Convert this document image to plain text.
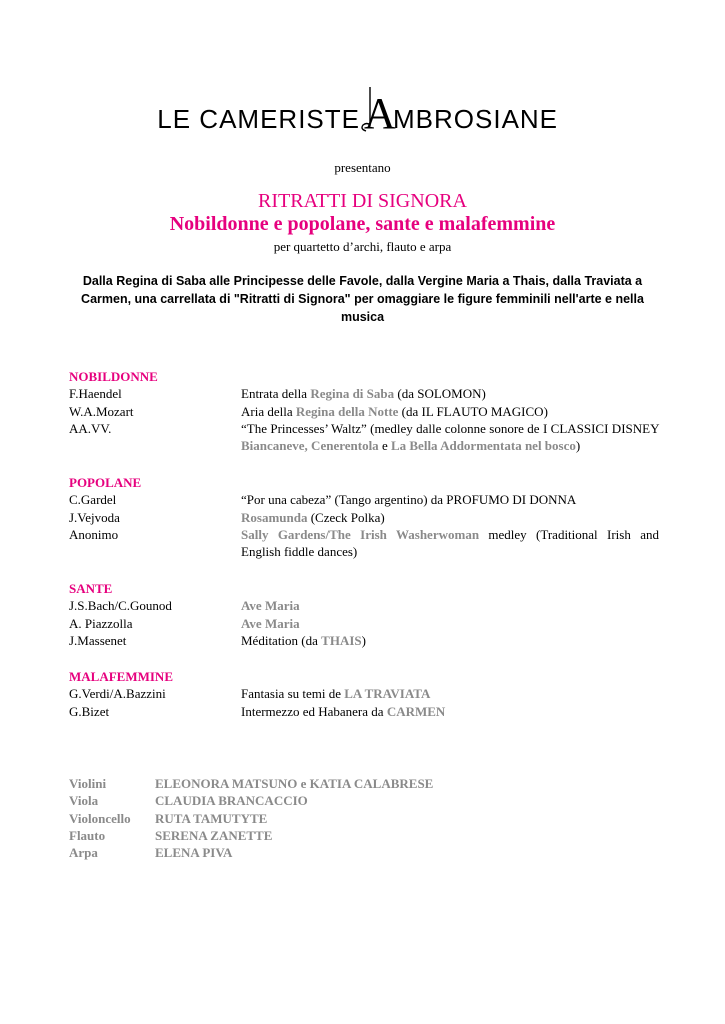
LE CAMERISTE A
MBROSIANE
presentano
RITRATTI DI SIGNORA
Nobildonne e popolane, sante e malafemmine
per quartetto d’archi, flauto e arpa
Dalla Regina di Saba alle Principesse delle Favole, dalla Vergine Maria a Thais, dalla Traviata a Carmen, una carrellata di "Ritratti di Signora" per omaggiare le figure femminili nell'arte e nella musica
NOBILDONNE
F.Haendel	Entrata della Regina di Saba (da SOLOMON)
W.A.Mozart	Aria della Regina della Notte (da IL FLAUTO MAGICO)
AA.VV.	“The Princesses’ Waltz” (medley dalle colonne sonore de I CLASSICI DISNEY Biancaneve, Cenerentola e La Bella Addormentata nel bosco)
POPOLANE
C.Gardel	“Por una cabeza” (Tango argentino) da PROFUMO DI DONNA
J.Vejvoda	Rosamunda (Czeck Polka)
Anonimo	Sally Gardens/The Irish Washerwoman medley (Traditional Irish and English fiddle dances)
SANTE
J.S.Bach/C.Gounod	Ave Maria
A. Piazzolla	Ave Maria
J.Massenet	Méditation (da THAIS)
MALAFEMMINE
G.Verdi/A.Bazzini	Fantasia su temi de LA TRAVIATA
G.Bizet	Intermezzo ed Habanera da CARMEN
Violini	ELEONORA MATSUNO e KATIA CALABRESE
Viola	CLAUDIA BRANCACCIO
Violoncello	RUTA TAMUTYTE
Flauto	SERENA ZANETTE
Arpa	ELENA PIVA
